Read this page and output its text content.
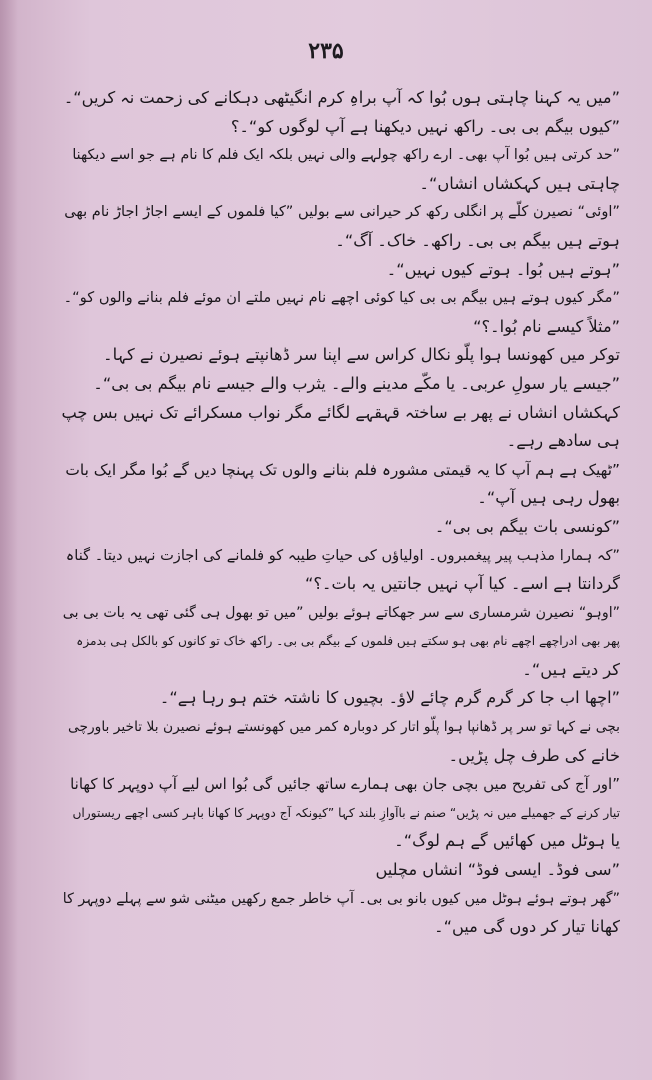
۲۳۵
”میں یہ کہنا چاہتی ہوں بُوا کہ آپ براہِ کرم انگیٹھی دہکانے کی زحمت نہ کریں“۔
”کیوں بیگم بی بی۔ راکھ نہیں دیکھنا ہے آپ لوگوں کو“۔؟
”حد کرتی ہیں بُوا آپ بھی۔ ارے راکھ چولہے والی نہیں بلکہ ایک فلم کا نام ہے جو اسے دیکھنا
چاہتی ہیں کہکشاں انشاں“۔
”اوئی“ نصیرن کلّے پر انگلی رکھ کر حیرانی سے بولیں ”کیا فلموں کے ایسے اجاڑ اجاڑ نام بھی
ہوتے ہیں بیگم بی بی۔ راکھ۔ خاک۔ آگ“۔
”ہوتے ہیں بُوا۔ ہوتے کیوں نہیں“۔
”مگر کیوں ہوتے ہیں بیگم بی بی کیا کوئی اچھے نام نہیں ملتے ان موئے فلم بنانے والوں کو“۔
”مثلاً کیسے نام بُوا۔؟“
توکر میں کھونسا ہوا پلّو نکال کراس سے اپنا سر ڈھانپتے ہوئے نصیرن نے کہا۔
”جیسے یار سولِ عربی۔ یا مکّے مدینے والے۔ یثرب والے جیسے نام بیگم بی بی“۔
کہکشاں انشاں نے پھر بے ساختہ قہقہے لگائے مگر نواب مسکرائے تک نہیں بس چپ
ہی سادھے رہے۔
”ٹھیک ہے ہم آپ کا یہ قیمتی مشورہ فلم بنانے والوں تک پہنچا دیں گے بُوا مگر ایک بات
بھول رہی ہیں آپ“۔
”کونسی بات بیگم بی بی“۔
”کہ ہمارا مذہب پیر پیغمبروں۔ اولیاؤں کی حیاتِ طیبہ کو فلمانے کی اجازت نہیں دیتا۔ گناہ
گردانتا ہے اسے۔ کیا آپ نہیں جانتیں یہ بات۔؟“
”اوہو“ نصیرن شرمساری سے سر جھکاتے ہوئے بولیں ”میں تو بھول ہی گئی تھی یہ بات بی بی
پھر بھی ادراچھے اچھے نام بھی ہو سکتے ہیں فلموں کے بیگم بی بی۔ راکھ خاک تو کانوں کو بالکل ہی بدمزہ
کر دیتے ہیں“۔
”اچھا اب جا کر گرم گرم چائے لاؤ۔ بچیوں کا ناشتہ ختم ہو رہا ہے“۔
بچی نے کہا تو سر پر ڈھانپا ہوا پلّو اتار کر دوبارہ کمر میں کھونستے ہوئے نصیرن بلا تاخیر باورچی
خانے کی طرف چل پڑیں۔
”اور آج کی تفریح میں بچی جان بھی ہمارے ساتھ جائیں گی بُوا اس لیے آپ دوپہر کا کھانا
تیار کرنے کے جھمیلے میں نہ پڑیں“ صنم نے باآوازِ بلند کہا ”کیونکہ آج دوپہر کا کھانا باہر کسی اچھے ریستوراں
یا ہوٹل میں کھائیں گے ہم لوگ“۔
”سی فوڈ۔ ایسی فوڈ“ انشاں مچلیں
”گھر ہوتے ہوئے ہوٹل میں کیوں بانو بی بی۔ آپ خاطر جمع رکھیں میٹنی شو سے پہلے دوپہر کا
کھانا تیار کر دوں گی میں“۔
